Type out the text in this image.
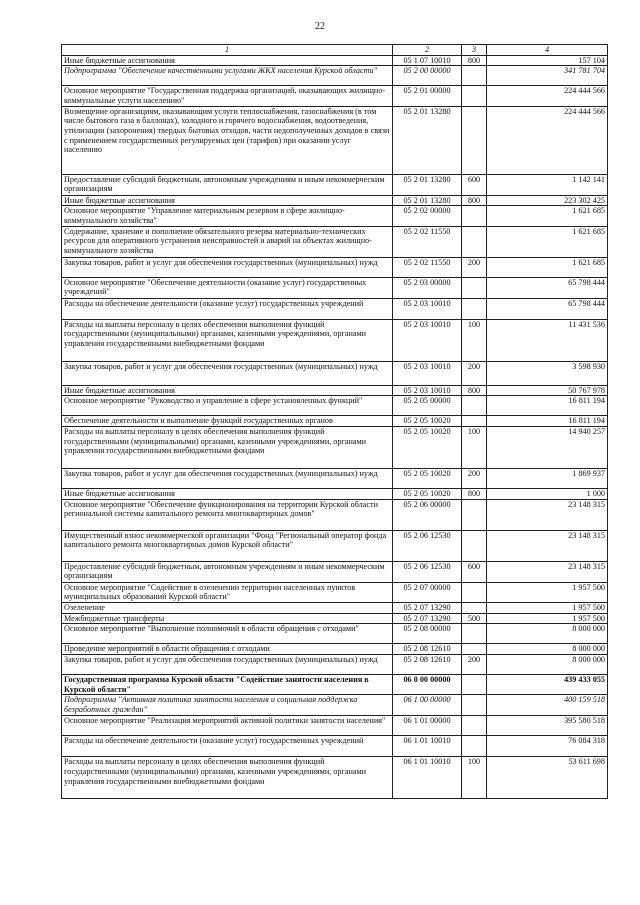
22
1	2	3	4
Иные бюджетные ассигнования	05 1 07 10010	800	157 104
Подпрограмма "Обеспечение качественными услугами ЖКХ населения Курской области"	05 2 00 00000		341 781 704
Основное мероприятие "Государственная поддержка организаций, оказывающих жилищно-коммунальные услуги населению"	05 2 01 00000		224 444 566
Возмещение организациям, оказывающим услуги теплоснабжения, газоснабжения (в том числе бытового газа в баллонах), холодного и горячего водоснабжения, водоотведения, утилизации (захоронения) твердых бытовых отходов, части недополученных доходов в связи с применением государственных регулируемых цен (тарифов) при оказании услуг населению	05 2 01 13280		224 444 566
Предоставление субсидий бюджетным, автономным учреждениям и иным некоммерческим организациям	05 2 01 13280	600	1 142 141
Иные бюджетные ассигнования	05 2 01 13280	800	223 302 425
Основное мероприятие "Управление материальным резервом в сфере жилищно-коммунального хозяйства"	05 2 02 00000		1 621 685
Содержание, хранение и пополнение обязательного резерва материально-технических ресурсов для оперативного устранения неисправностей и аварий на объектах жилищно-коммунального хозяйства	05 2 02 11550		1 621 685
Закупка товаров, работ и услуг для обеспечения государственных (муниципальных) нужд	05 2 02 11550	200	1 621 685
Основное мероприятие "Обеспечение деятельности (оказание услуг) государственных учреждений"	05 2 03 00000		65 798 444
Расходы на обеспечение деятельности (оказание услуг) государственных учреждений	05 2 03 10010		65 798 444
Расходы на выплаты персоналу в целях обеспечения выполнения функций государственными (муниципальными) органами, казенными учреждениями, органами управления государственными внебюджетными фондами	05 2 03 10010	100	11 431 536
Закупка товаров, работ и услуг для обеспечения государственных (муниципальных) нужд	05 2 03 10010	200	3 598 930
Иные бюджетные ассигнования	05 2 03 10010	800	50 767 978
Основное мероприятие "Руководство и управление в сфере установленных функций"	05 2 05 00000		16 811 194
Обеспечение деятельности и выполнение функций государственных органов	05 2 05 10020		16 811 194
Расходы на выплаты персоналу в целях обеспечения выполнения функций государственными (муниципальными) органами, казенными учреждениями, органами управления государственными внебюджетными фондами	05 2 05 10020	100	14 940 257
Закупка товаров, работ и услуг для обеспечения государственных (муниципальных) нужд	05 2 05 10020	200	1 869 937
Иные бюджетные ассигнования	05 2 05 10020	800	1 000
Основное мероприятие "Обеспечение функционирования на территории Курской области региональной системы капитального ремонта многоквартирных домов"	05 2 06 00000		23 148 315
Имущественный взнос некоммерческой организации "Фонд "Региональный оператор фонда капитального ремонта многоквартирных домов Курской области"	05 2 06 12530		23 148 315
Предоставление субсидий бюджетным, автономным учреждениям и иным некоммерческим организациям	05 2 06 12530	600	23 148 315
Основное мероприятие "Содействие в озеленении территории населенных пунктов муниципальных образований Курской области"	05 2 07 00000		1 957 500
Озеленение	05 2 07 13290		1 957 500
Межбюджетные трансферты	05 2 07 13290	500	1 957 500
Основное мероприятие "Выполнение полномочий в области обращения с отходами"	05 2 08 00000		8 000 000
Проведение мероприятий в области обращения с отходами	05 2 08 12610		8 000 000
Закупка товаров, работ и услуг для обеспечения государственных (муниципальных) нужд	05 2 08 12610	200	8 000 000
Государственная программа Курской области "Содействие занятости населения в Курской области"	06 0 00 00000		439 433 055
Подпрограмма "Активная политика занятости населения и социальная поддержка безработных граждан"	06 1 00 00000		400 159 518
Основное мероприятие "Реализация мероприятий активной политики занятости населения"	06 1 01 00000		395 580 518
Расходы на обеспечение деятельности (оказание услуг) государственных учреждений	06 1 01 10010		76 084 318
Расходы на выплаты персоналу в целях обеспечения выполнения функций государственными (муниципальными) органами, казенными учреждениями, органами управления государственными внебюджетными фондами	06 1 01 10010	100	53 611 698
